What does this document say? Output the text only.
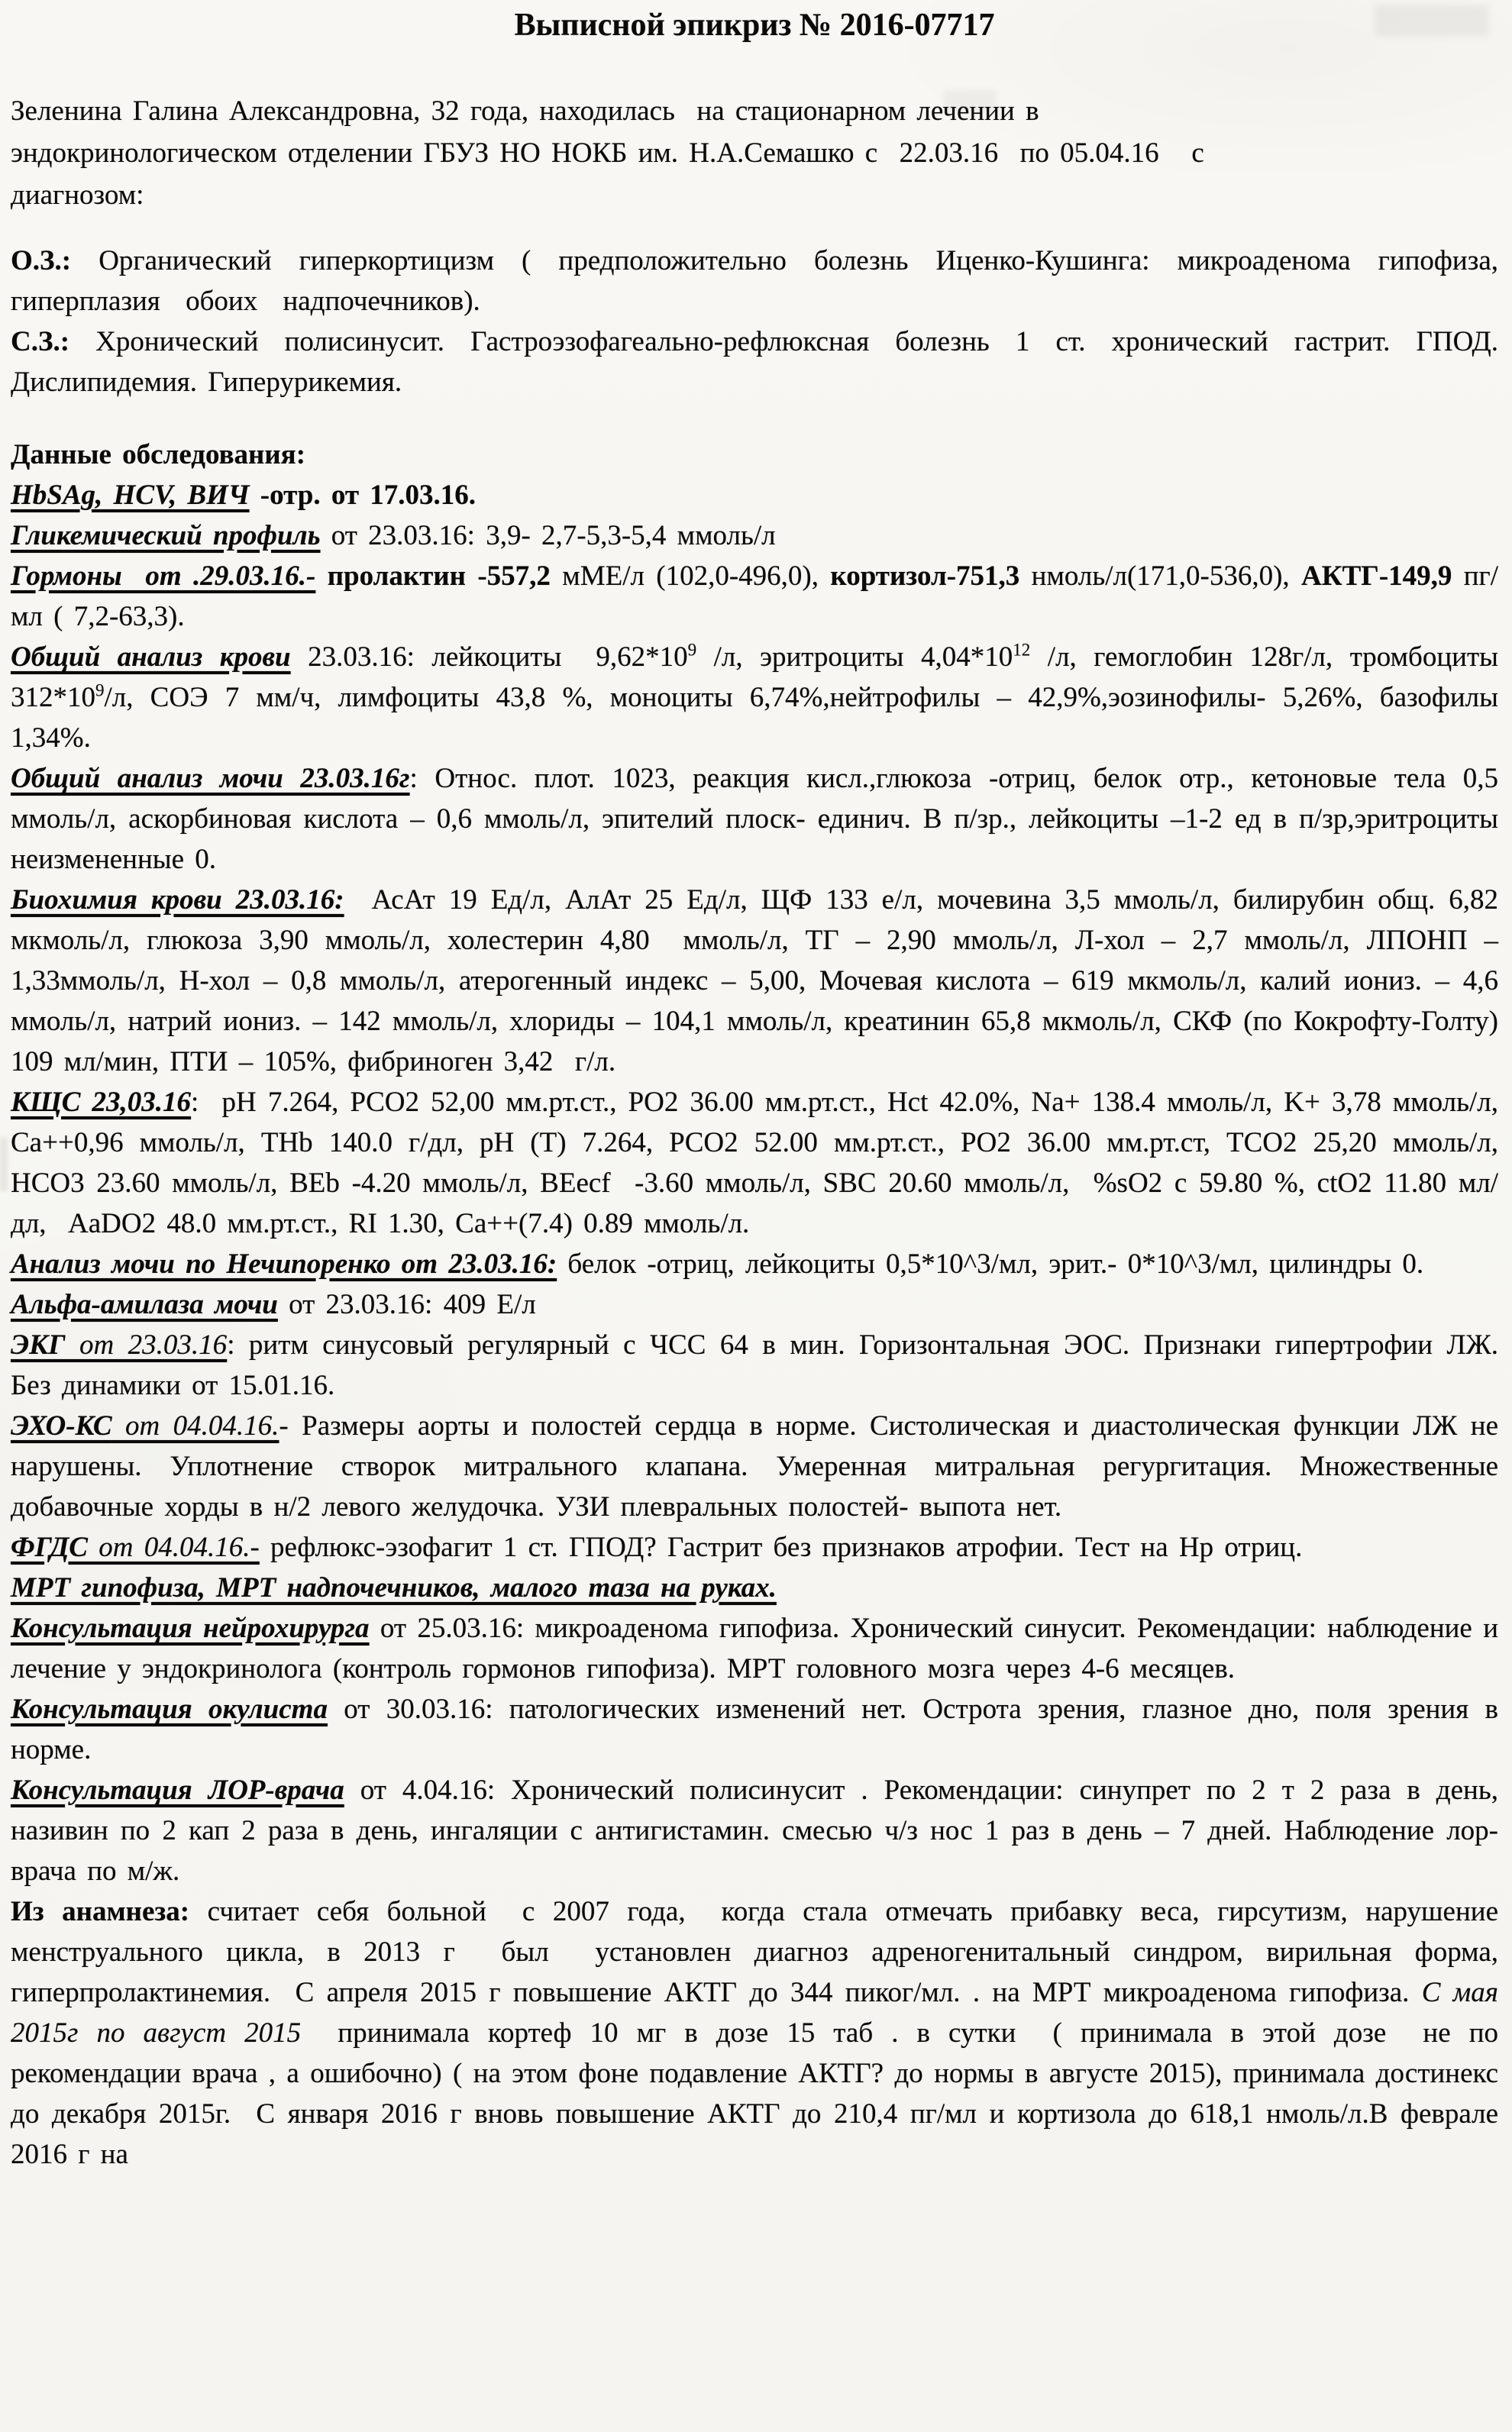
Выписной эпикриз № 2016-07717

Зеленина Галина Александровна, 32 года, находилась  на стационарном лечении в
эндокринологическом отделении ГБУЗ НО НОКБ им. Н.А.Семашко с  22.03.16  по 05.04.16   с
диагнозом:

О.З.: Органический гиперкортицизм ( предположительно болезнь Иценко-Кушинга: микроаденома гипофиза, гиперплазия обоих надпочечников).

С.З.: Хронический полисинусит. Гастроэзофагеально-рефлюксная болезнь 1 ст. хронический гастрит. ГПОД. Дислипидемия. Гиперурикемия.

Данные обследования:

HbSAg, HCV, ВИЧ -отр. от 17.03.16.

Гликемический профиль от 23.03.16: 3,9- 2,7-5,3-5,4 ммоль/л

Гормоны  от .29.03.16.- пролактин -557,2 мМЕ/л (102,0-496,0), кортизол-751,3 нмоль/л(171,0-536,0), АКТГ-149,9 пг/мл ( 7,2-63,3).

Общий анализ крови 23.03.16: лейкоциты  $9,62*10^9$ /л, эритроциты $4,04*10^{12}$ /л, гемоглобин 128г/л, тромбоциты $312*10^9/л$, СОЭ 7 мм/ч, лимфоциты 43,8 %, моноциты 6,74%,нейтрофилы – 42,9%,эозинофилы- 5,26%, базофилы 1,34%.

Общий анализ мочи 23.03.16г: Относ. плот. 1023, реакция кисл.,глюкоза -отриц, белок отр., кетоновые тела 0,5 ммоль/л, аскорбиновая кислота – 0,6 ммоль/л, эпителий плоск- единич. В п/зр., лейкоциты –1-2 ед в п/зр,эритроциты неизмененные 0.

Биохимия крови 23.03.16:  АсАт 19 Ед/л, АлАт 25 Ед/л, ЩФ 133 е/л, мочевина 3,5 ммоль/л, билирубин общ. 6,82 мкмоль/л, глюкоза 3,90 ммоль/л, холестерин 4,80  ммоль/л, ТГ – 2,90 ммоль/л, Л-хол – 2,7 ммоль/л, ЛПОНП – 1,33ммоль/л, Н-хол – 0,8 ммоль/л, атерогенный индекс – 5,00, Мочевая кислота – 619 мкмоль/л, калий иониз. – 4,6 ммоль/л, натрий иониз. – 142 ммоль/л, хлориды – 104,1 ммоль/л, креатинин 65,8 мкмоль/л, СКФ (по Кокрофту-Голту) 109 мл/мин, ПТИ – 105%, фибриноген 3,42  г/л.

КЩС 23,03.16:  pH 7.264, PCO2 52,00 мм.рт.ст., PO2 36.00 мм.рт.ст., Hct 42.0%, Na+ 138.4 ммоль/л, K+ 3,78 ммоль/л, Ca++0,96 ммоль/л, THb 140.0 г/дл, pH (T) 7.264, PCO2 52.00 мм.рт.ст., PO2 36.00 мм.рт.ст, TCO2 25,20 ммоль/л, HCO3 23.60 ммоль/л, BEb -4.20 ммоль/л, BEecf  -3.60 ммоль/л, SBC 20.60 ммоль/л,  %sO2 с 59.80 %, ctO2 11.80 мл/дл,  AaDO2 48.0 мм.рт.ст., RI 1.30, Ca++(7.4) 0.89 ммоль/л.

Анализ мочи по Нечипоренко от 23.03.16: белок -отриц, лейкоциты 0,5*10^3/мл, эрит.- 0*10^3/мл, цилиндры 0.

Альфа-амилаза мочи от 23.03.16: 409 Е/л

ЭКГ от 23.03.16: ритм синусовый регулярный с ЧСС 64 в мин. Горизонтальная ЭОС. Признаки гипертрофии ЛЖ. Без динамики от 15.01.16.

ЭХО-КС от 04.04.16.- Размеры аорты и полостей сердца в норме. Систолическая и диастолическая функции ЛЖ не нарушены. Уплотнение створок митрального клапана. Умеренная митральная регургитация. Множественные добавочные хорды в н/2 левого желудочка. УЗИ плевральных полостей- выпота нет.

ФГДС от 04.04.16.- рефлюкс-эзофагит 1 ст. ГПОД? Гастрит без признаков атрофии. Тест на Hp отриц.

МРТ гипофиза, МРТ надпочечников, малого таза на руках.

Консультация нейрохирурга от 25.03.16: микроаденома гипофиза. Хронический синусит. Рекомендации: наблюдение и лечение у эндокринолога (контроль гормонов гипофиза). МРТ головного мозга через 4-6 месяцев.

Консультация окулиста от 30.03.16: патологических изменений нет. Острота зрения, глазное дно, поля зрения в норме.

Консультация ЛОР-врача от 4.04.16: Хронический полисинусит . Рекомендации: синупрет по 2 т 2 раза в день, називин по 2 кап 2 раза в день, ингаляции с антигистамин. смесью ч/з нос 1 раз в день – 7 дней. Наблюдение лор-врача по м/ж.

Из анамнеза: считает себя больной  с 2007 года,  когда стала отмечать прибавку веса, гирсутизм, нарушение менструального цикла, в 2013 г  был  установлен диагноз адреногенитальный синдром, вирильная форма, гиперпролактинемия.  С апреля 2015 г повышение АКТГ до 344 пиког/мл. . на МРТ микроаденома гипофиза. С мая 2015г по август 2015  принимала кортеф 10 мг в дозе 15 таб . в сутки  ( принимала в этой дозе  не по рекомендации врача , а ошибочно) ( на этом фоне подавление АКТГ? до нормы в августе 2015), принимала достинекс до декабря 2015г.  С января 2016 г вновь повышение АКТГ до 210,4 пг/мл и кортизола до 618,1 нмоль/л.В феврале 2016 г на
